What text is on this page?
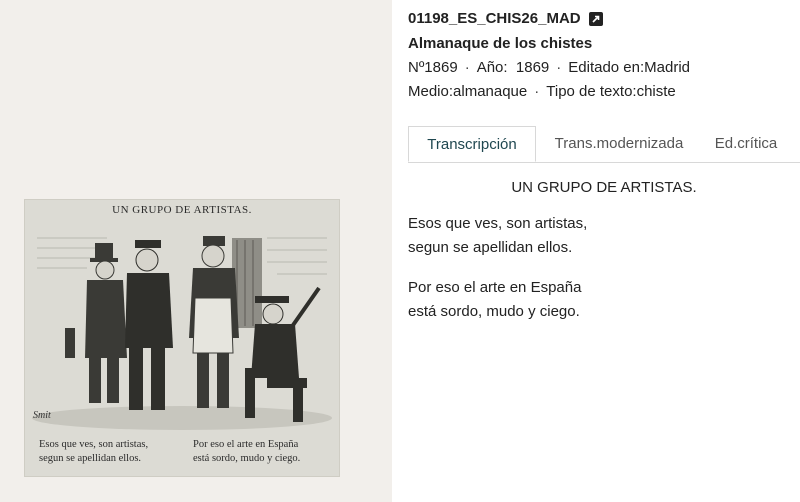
UN GRUPO DE ARTISTAS.
Smit
Esos que ves, son artistas,
segun se apellidan ellos.
Por eso el arte en España
está sordo, mudo y ciego.
01198_ES_CHIS26_MAD
Almanaque de los chistes
Nº1869 · Año: 1869 · Editado en:Madrid
Medio:almanaque · Tipo de texto:chiste
Transcripción	Trans.modernizada	Ed.crítica

UN GRUPO DE ARTISTAS.

Esos que ves, son artistas,
segun se apellidan ellos.
Por eso el arte en España
está sordo, mudo y ciego.
